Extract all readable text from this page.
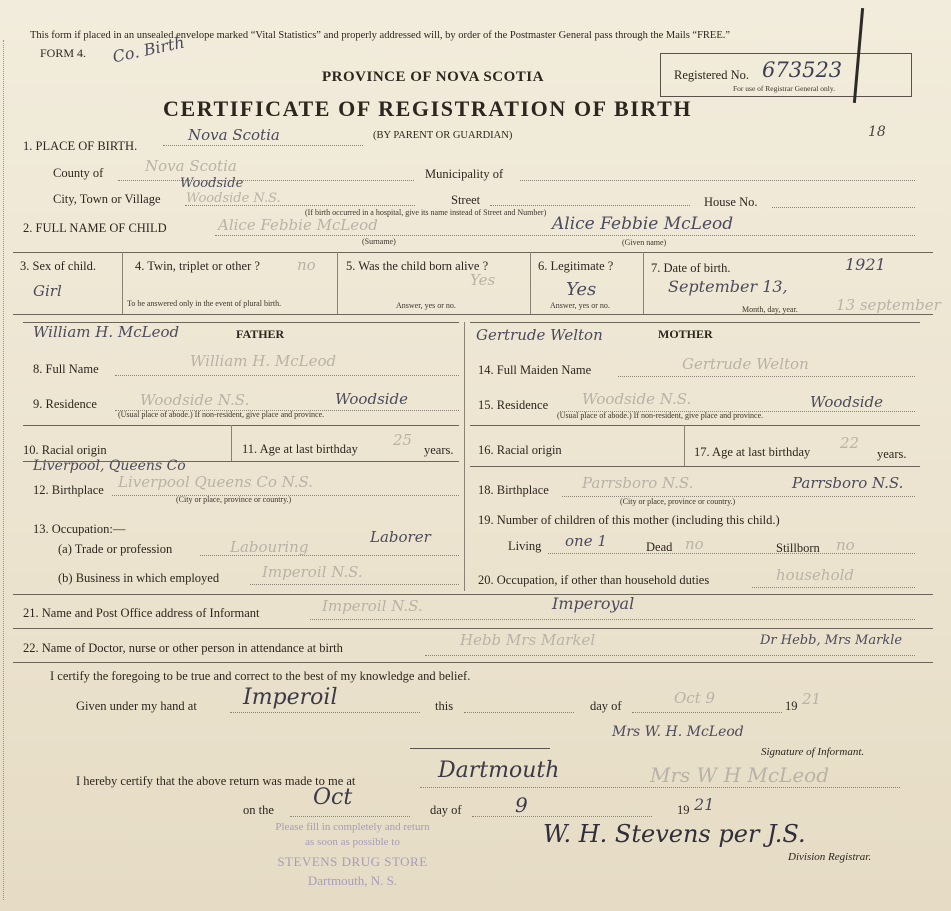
This form if placed in an unsealed envelope marked “Vital Statistics” and properly addressed will, by order of the Postmaster General pass through the Mails “FREE.”
FORM 4. Co. Birth
PROVINCE OF NOVA SCOTIA
CERTIFICATE OF REGISTRATION OF BIRTH
(BY PARENT OR GUARDIAN)
Registered No. 673523
For use of Registrar General only.
18
1. PLACE OF BIRTH.
Nova Scotia
County of	Nova Scotia	Municipality of
City, Town or Village
Woodside
Woodside N.S.	Street	House No.
(If birth occurred in a hospital, give its name instead of Street and Number)
2. FULL NAME OF CHILD	Alice Febbie McLeod	Alice Febbie McLeod
(Surname)	(Given name)
3. Sex of child.
Girl
4. Twin, triplet or other ? no
To be answered only in the event of plural birth.
5. Was the child born alive ?
Yes
Answer, yes or no.
6. Legitimate ?
Yes
Answer, yes or no.
7. Date of birth.	1921
September 13,
13 september
Month, day, year.
William H. McLeod	FATHER
8. Full Name	William H. McLeod
9. Residence	Woodside N.S.	Woodside
(Usual place of abode.) If non-resident, give place and province.
10. Racial origin	11. Age at last birthday 25
years.
Liverpool, Queens Co
12. Birthplace Liverpool Queens Co N.S.
(City or place, province or country.)
13. Occupation:—
(a) Trade or profession	Labouring
Laborer
(b) Business in which employed	Imperoil N.S.
Gertrude Welton	MOTHER
14. Full Maiden Name	Gertrude Welton
15. Residence Woodside N.S.	Woodside
(Usual place of abode.) If non-resident, give place and province.
16. Racial origin	17. Age at last birthday 22
years.
18. Birthplace Parrsboro N.S.	Parrsboro N.S.
(City or place, province or country.)
19. Number of children of this mother (including this child.)
Living one 1	Dead no	Stillborn no
20. Occupation, if other than household duties	household
21. Name and Post Office address of Informant	Imperoil N.S.	Imperoyal
22. Name of Doctor, nurse or other person in attendance at birth	Hebb Mrs Markel	Dr Hebb, Mrs Markle
I certify the foregoing to be true and correct to the best of my knowledge and belief.
Given under my hand at Imperoil	this	day of	Oct 9	19 21
Mrs W. H. McLeod
Signature of Informant.
I hereby certify that the above return was made to me at	Dartmouth	Mrs W H McLeod
on the Oct	day of	9	19 21
W. H. Stevens per J.S.
Division Registrar.
Please fill in completely and return
as soon as possible to
STEVENS DRUG STORE
Dartmouth, N. S.
